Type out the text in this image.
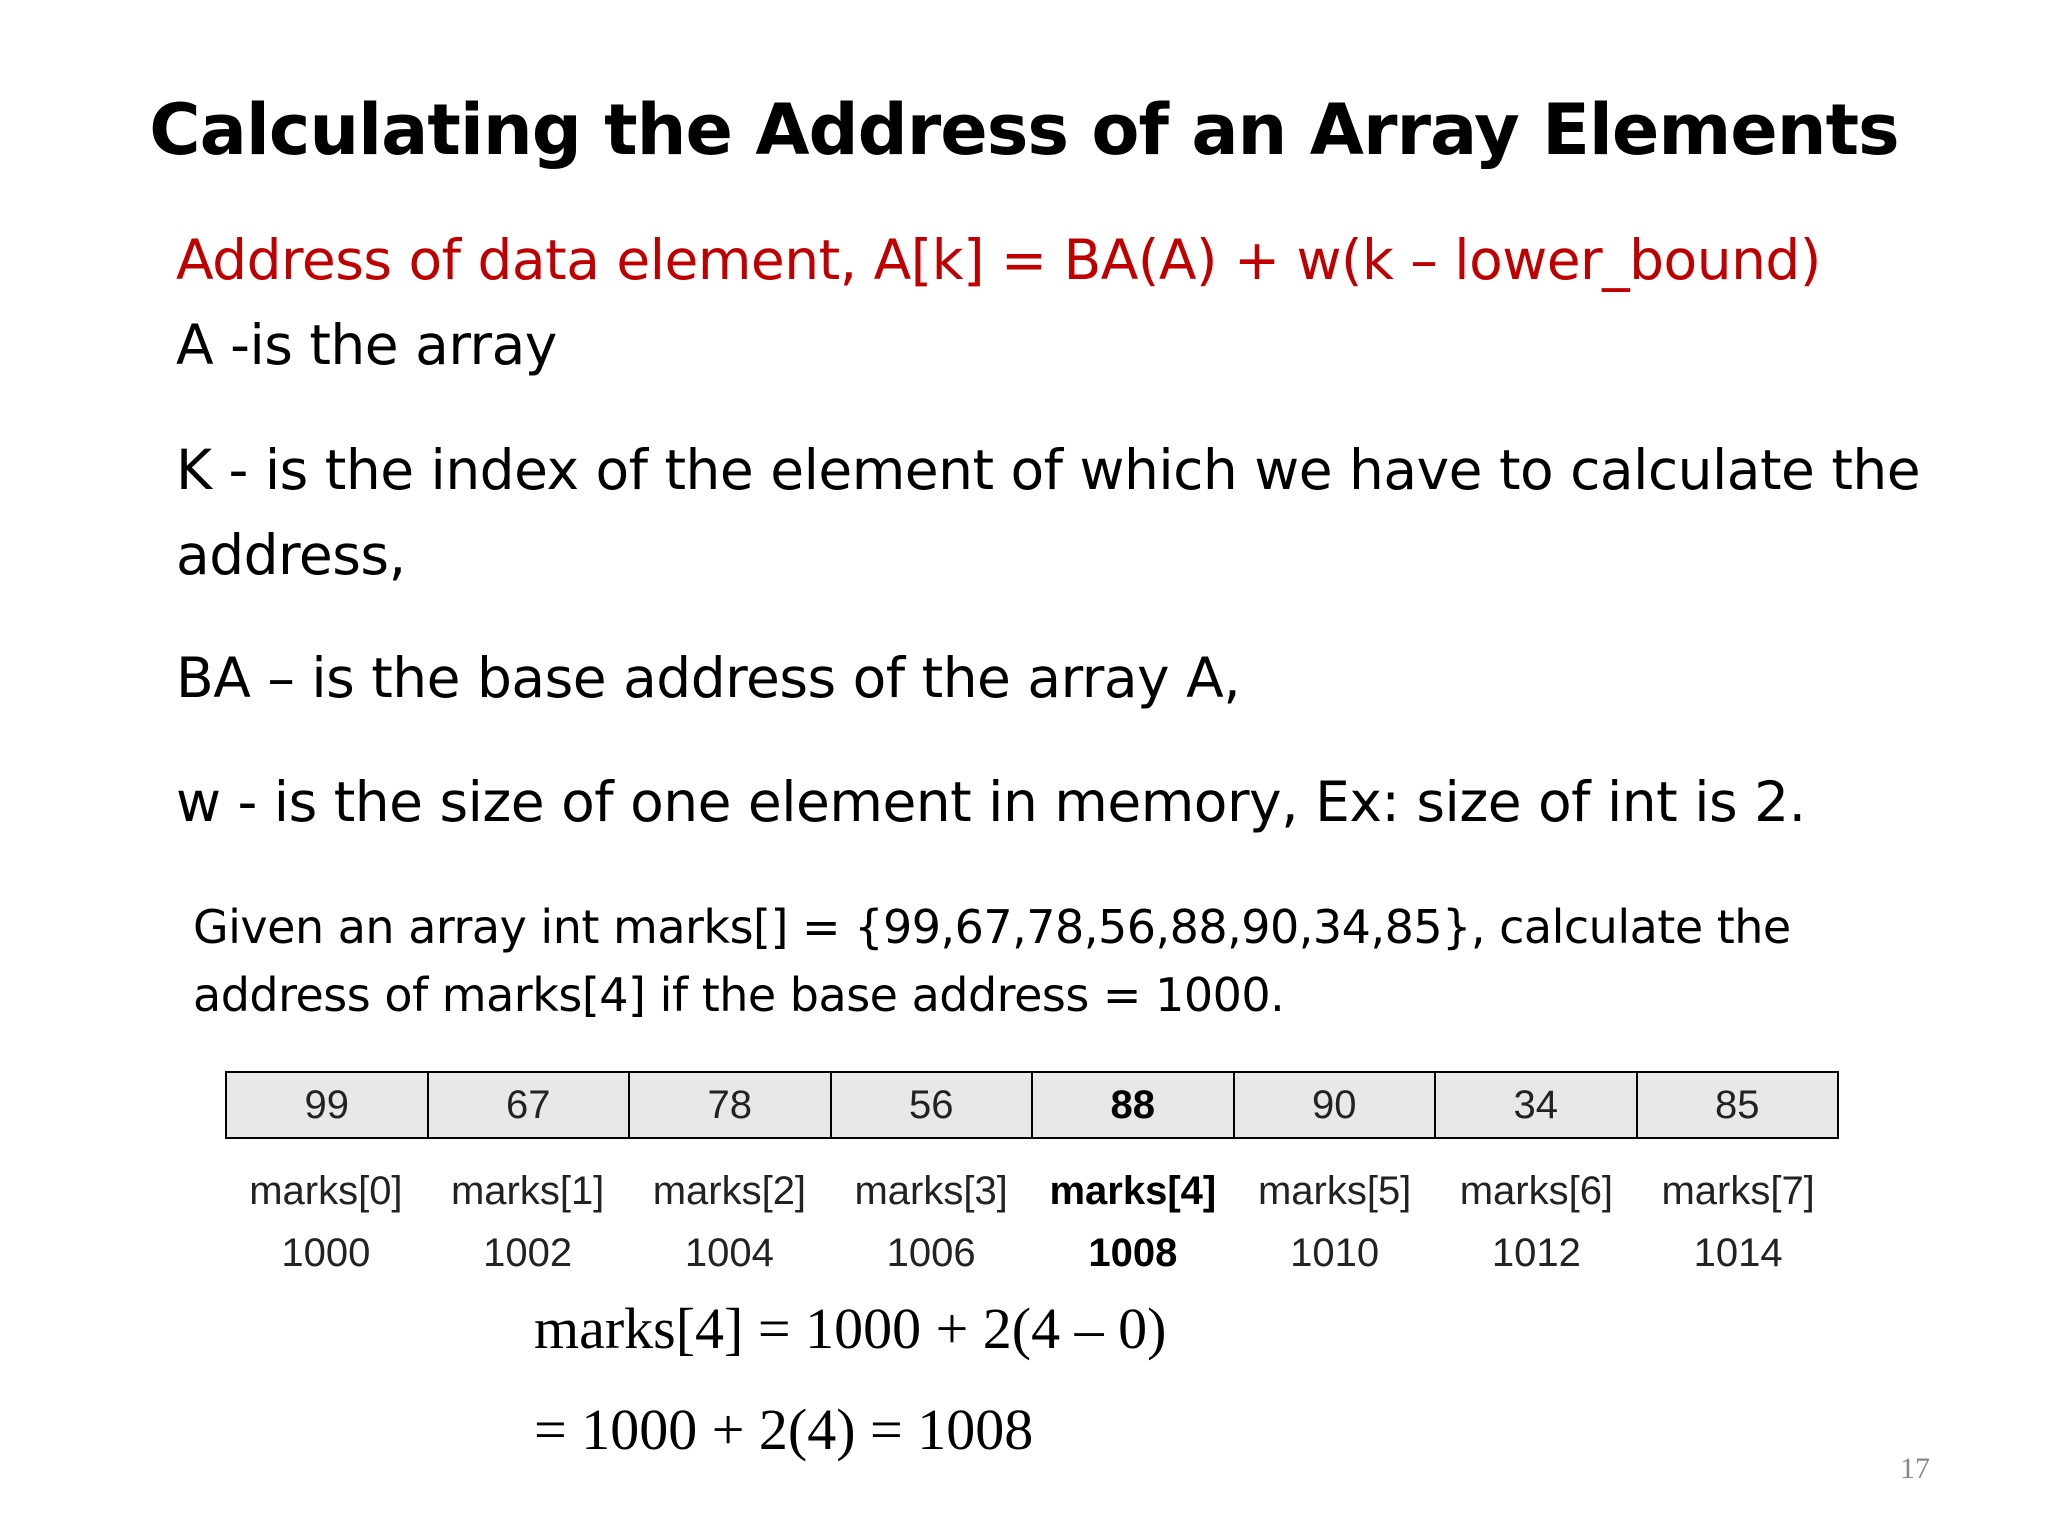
Calculating the Address of an Array Elements
Address of data element, A[k] = BA(A) + w(k – lower_bound)
A -is the array
K - is the index of the element of which we have to calculate the
address,
BA – is the base address of the array A,
w - is the size of one element in memory, Ex: size of int is 2.
Given an array int marks[] = {99,67,78,56,88,90,34,85}, calculate the
address of marks[4] if the base address = 1000.
99	67	78	56	88	90	34	85
marks[0]	marks[1]	marks[2]	marks[3]	marks[4]	marks[5]	marks[6]	marks[7]
1000	1002	1004	1006	1008	1010	1012	1014
marks[4] = 1000 + 2(4 – 0)
= 1000 + 2(4) = 1008
17
